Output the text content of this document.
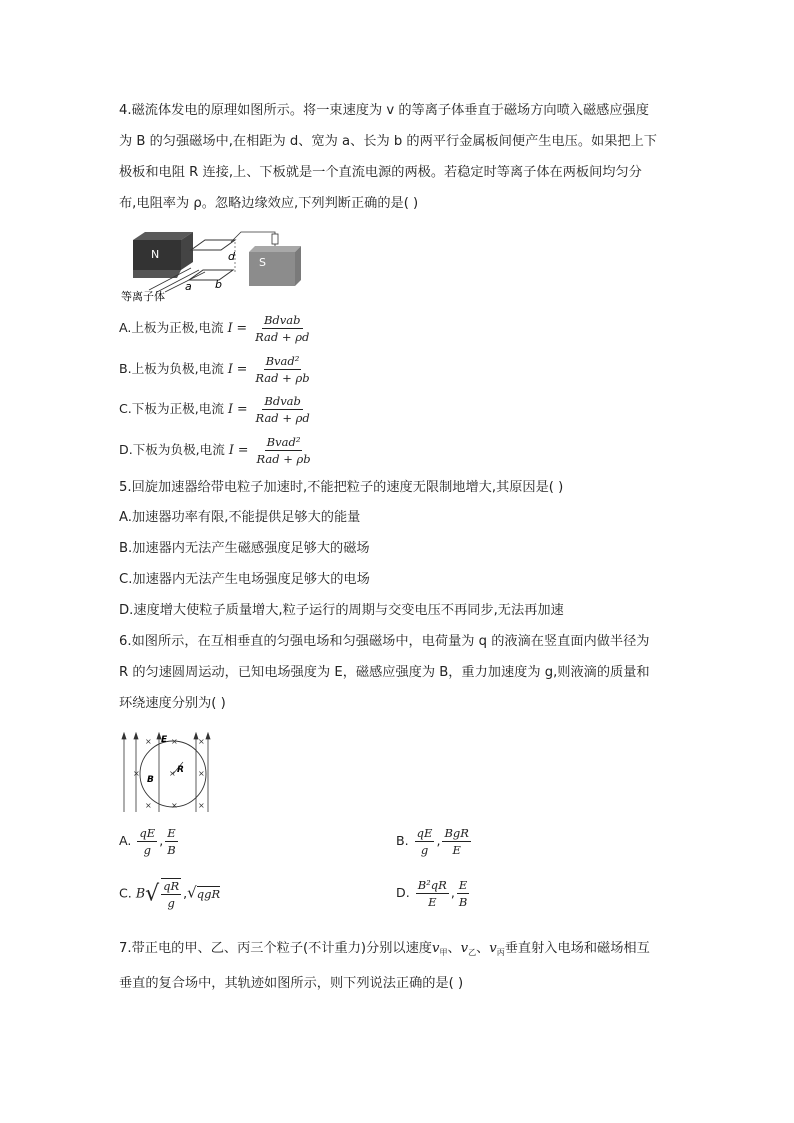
4.磁流体发电的原理如图所示。将一束速度为 v 的等离子体垂直于磁场方向喷入磁感应强度
为 B 的匀强磁场中,在相距为 d、宽为 a、长为 b 的两平行金属板间便产生电压。如果把上下
极板和电阻 R 连接,上、下板就是一个直流电源的两极。若稳定时等离子体在两板间均匀分
布,电阻率为 ρ。忽略边缘效应,下列判断正确的是( )
N
S
d
a b
等离子体
A.上板为正极,电流 $I = \frac{\text{Bdvab}}{\text{Rad + ρd}}$
B.上板为负极,电流 $I = \frac{\text{Bvad²}}{\text{Rad + ρb}}$
C.下板为正极,电流 $I = \frac{\text{Bdvab}}{\text{Rad + ρd}}$
D.下板为负极,电流 $I = \frac{\text{Bvad²}}{\text{Rad + ρb}}$
5.回旋加速器给带电粒子加速时,不能把粒子的速度无限制地增大,其原因是( )
A.加速器功率有限,不能提供足够大的能量
B.加速器内无法产生磁感强度足够大的磁场
C.加速器内无法产生电场强度足够大的电场
D.速度增大使粒子质量增大,粒子运行的周期与交变电压不再同步,无法再加速
6.如图所示，在互相垂直的匀强电场和匀强磁场中，电荷量为 q 的液滴在竖直面内做半径为
R 的匀速圆周运动，已知电场强度为 E，磁感应强度为 B，重力加速度为 g,则液滴的质量和
环绕速度分别为( )
× ×	×
×	×	×
× ×	×
E
R
B
A. $\frac{qE}{g}$ , $\frac{E}{B}$	B. $\frac{qE}{g}$ , $\frac{\text{BgR}}{E}$
C. $B√ \frac{qR}{g} ,√qgR$	D. $\frac{\text{B²qR}}{E}$ , $\frac{E}{B}$
7.带正电的甲、乙、丙三个粒子(不计重力)分别以速度$v_甲$、$v_乙$、$v_丙$垂直射入电场和磁场相互
垂直的复合场中，其轨迹如图所示，则下列说法正确的是( )
